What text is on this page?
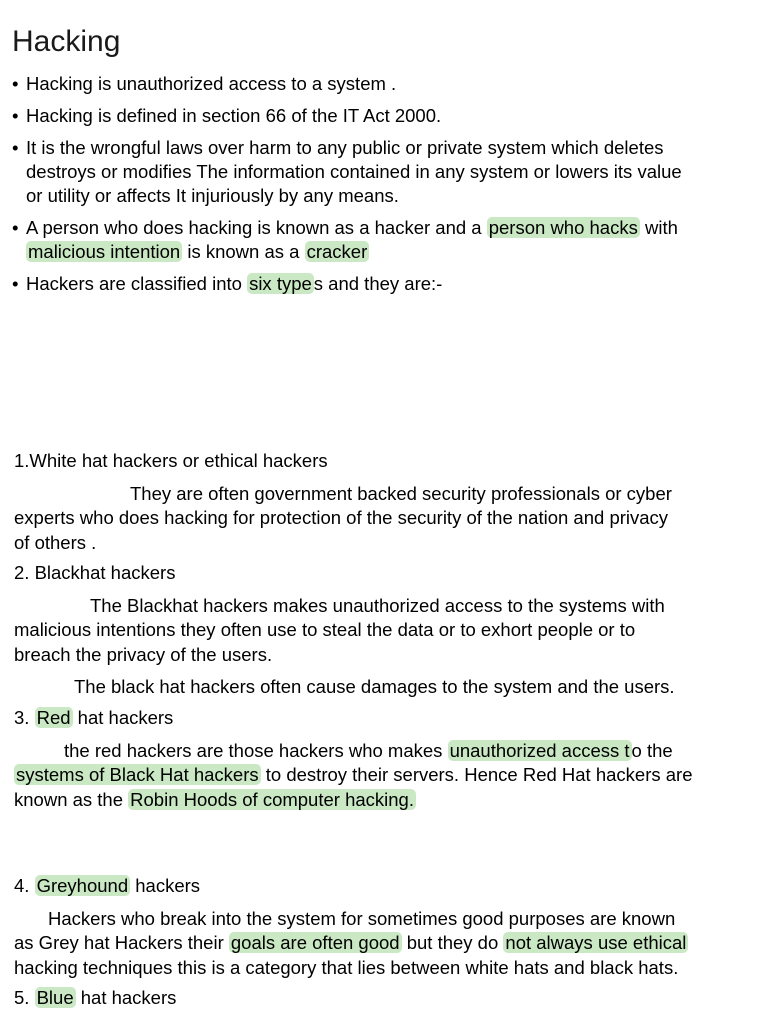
Hacking
• Hacking is unauthorized access to a system .
• Hacking is defined in section 66 of the IT Act 2000.
• It is the wrongful laws over harm to any public or private system which deletes
destroys or modifies The information contained in any system or lowers its value
or utility or affects It injuriously by any means.
• A person who does hacking is known as a hacker and a person who hacks with
malicious intention is known as a cracker
• Hackers are classified into six type s and they are:-
1.White hat hackers or ethical hackers
They are often government backed security professionals or cyber
experts who does hacking for protection of the security of the nation and privacy
of others .
2. Blackhat hackers
The Blackhat hackers makes unauthorized access to the systems with
malicious intentions they often use to steal the data or to exhort people or to
breach the privacy of the users.
The black hat hackers often cause damages to the system and the users.
3. Red hat hackers
the red hackers are those hackers who makes unauthorized access t o the
systems of Black Hat hackers to destroy their servers. Hence Red Hat hackers are
known as the Robin Hoods of computer hacking.
4. Greyhound hackers
Hackers who break into the system for sometimes good purposes are known
as Grey hat Hackers their goals are often good but they do not always use ethical
hacking techniques this is a category that lies between white hats and black hats.
5. Blue hat hackers
